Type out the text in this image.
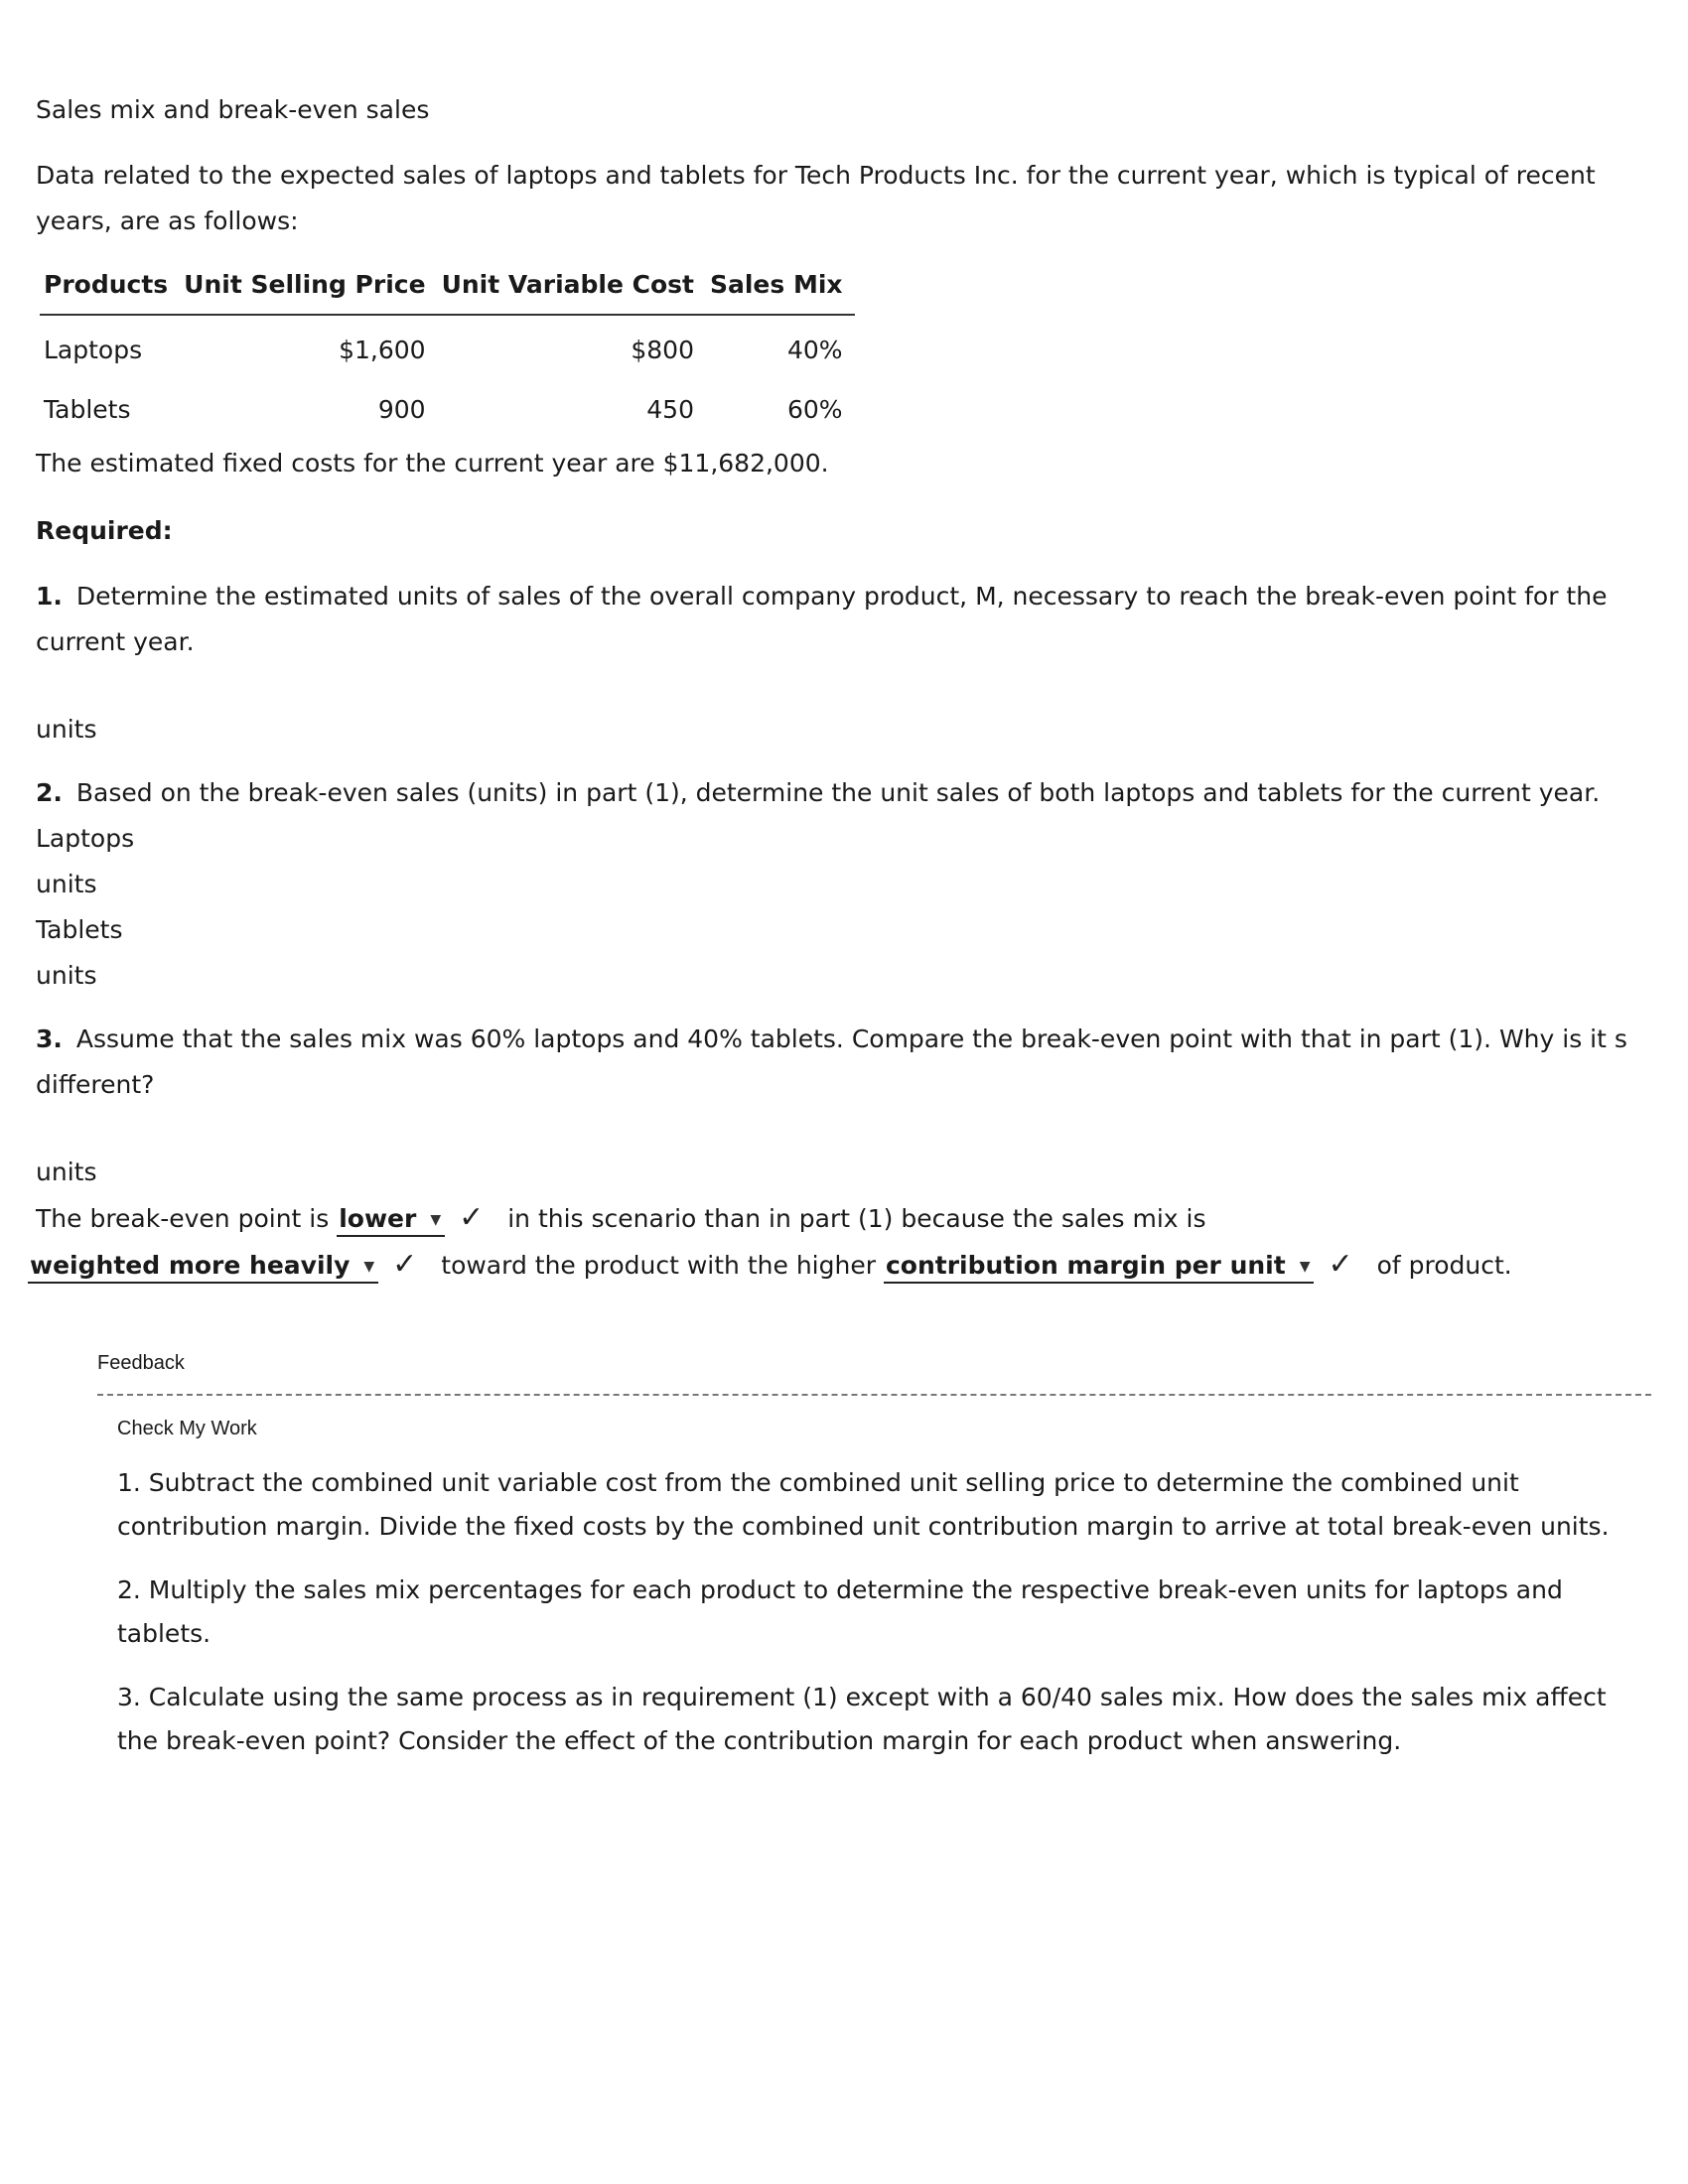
Sales mix and break-even sales
Data related to the expected sales of laptops and tablets for Tech Products Inc. for the current year, which is typical of recent years, are as follows:
Products	Unit Selling Price	Unit Variable Cost	Sales Mix
Laptops	$1,600	$800	40%
Tablets	900	450	60%
The estimated fixed costs for the current year are $11,682,000.
Required:
1. Determine the estimated units of sales of the overall company product, M, necessary to reach the break-even point for the current year.
units
2. Based on the break-even sales (units) in part (1), determine the unit sales of both laptops and tablets for the current year.
Laptops
units
Tablets
units
3. Assume that the sales mix was 60% laptops and 40% tablets. Compare the break-even point with that in part (1). Why is it s
different?
units
The break-even point is lower ▼ ✓ in this scenario than in part (1) because the sales mix is
weighted more heavily ▼ ✓ toward the product with the higher contribution margin per unit ▼ ✓ of product.
Feedback
Check My Work
1. Subtract the combined unit variable cost from the combined unit selling price to determine the combined unit contribution margin. Divide the fixed costs by the combined unit contribution margin to arrive at total break-even units.
2. Multiply the sales mix percentages for each product to determine the respective break-even units for laptops and tablets.
3. Calculate using the same process as in requirement (1) except with a 60/40 sales mix. How does the sales mix affect the break-even point? Consider the effect of the contribution margin for each product when answering.
